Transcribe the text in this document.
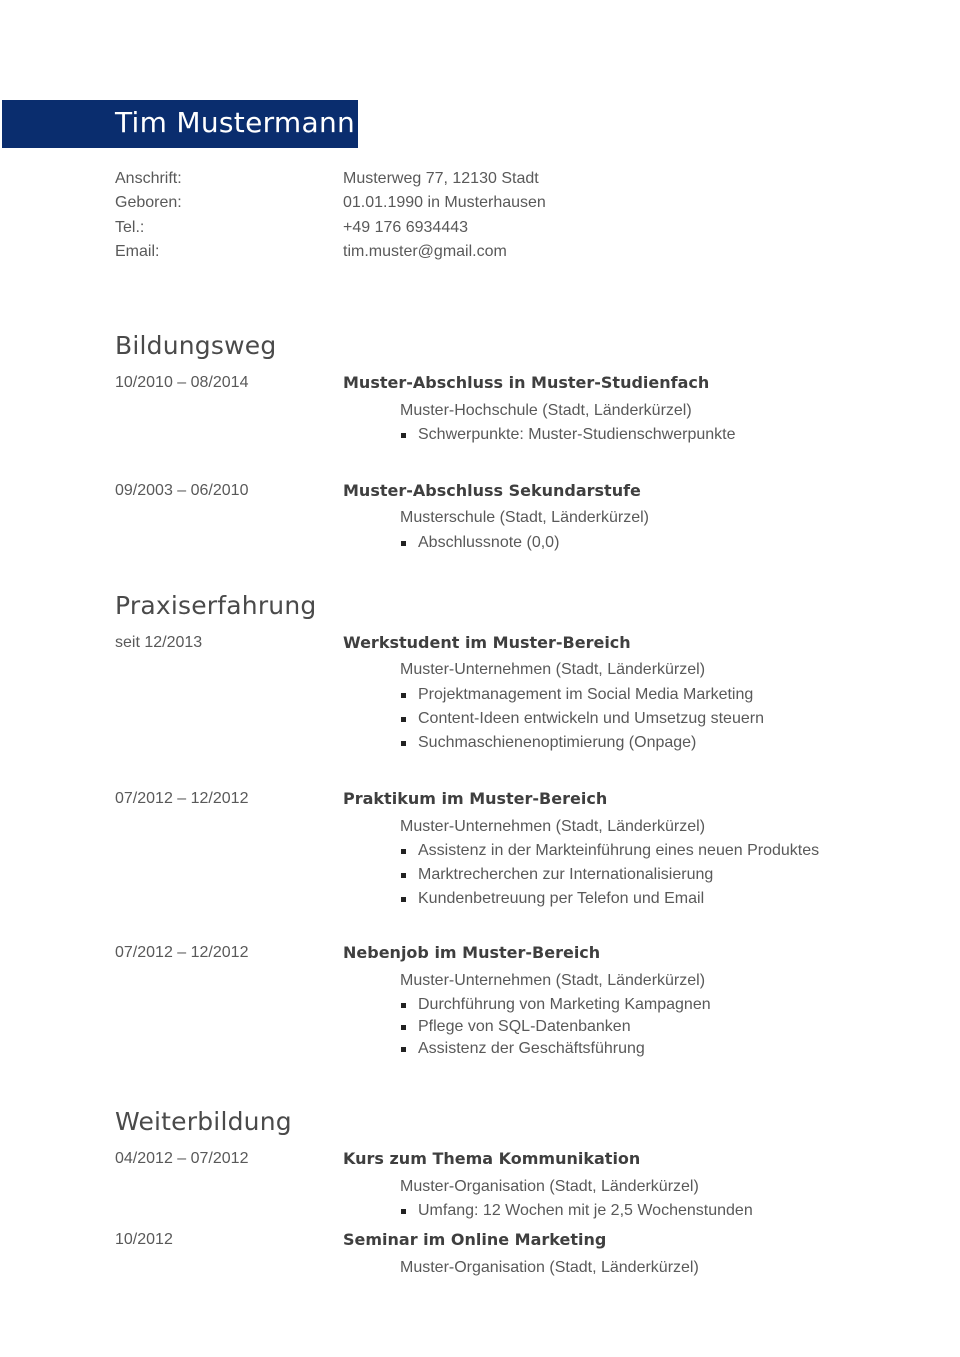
Tim Mustermann
Anschrift:	Musterweg 77, 12130 Stadt
Geboren:	01.01.1990 in Musterhausen
Tel.:	+49 176 6934443
Email:	tim.muster@gmail.com
Bildungsweg
10/2010 – 08/2014	Muster-Abschluss in Muster-Studienfach
Muster-Hochschule (Stadt, Länderkürzel)
Schwerpunkte: Muster-Studienschwerpunkte
09/2003 – 06/2010	Muster-Abschluss Sekundarstufe
Musterschule (Stadt, Länderkürzel)
Abschlussnote (0,0)
Praxiserfahrung
seit 12/2013	Werkstudent im Muster-Bereich
Muster-Unternehmen (Stadt, Länderkürzel)
Projektmanagement im Social Media Marketing
Content-Ideen entwickeln und Umsetzug steuern
Suchmaschienenoptimierung (Onpage)
07/2012 – 12/2012	Praktikum im Muster-Bereich
Muster-Unternehmen (Stadt, Länderkürzel)
Assistenz in der Markteinführung eines neuen Produktes
Marktrecherchen zur Internationalisierung
Kundenbetreuung per Telefon und Email
07/2012 – 12/2012	Nebenjob im Muster-Bereich
Muster-Unternehmen (Stadt, Länderkürzel)
Durchführung von Marketing Kampagnen
Pflege von SQL-Datenbanken
Assistenz der Geschäftsführung
Weiterbildung
04/2012 – 07/2012	Kurs zum Thema Kommunikation
Muster-Organisation (Stadt, Länderkürzel)
Umfang: 12 Wochen mit je 2,5 Wochenstunden
10/2012	Seminar im Online Marketing
Muster-Organisation (Stadt, Länderkürzel)
